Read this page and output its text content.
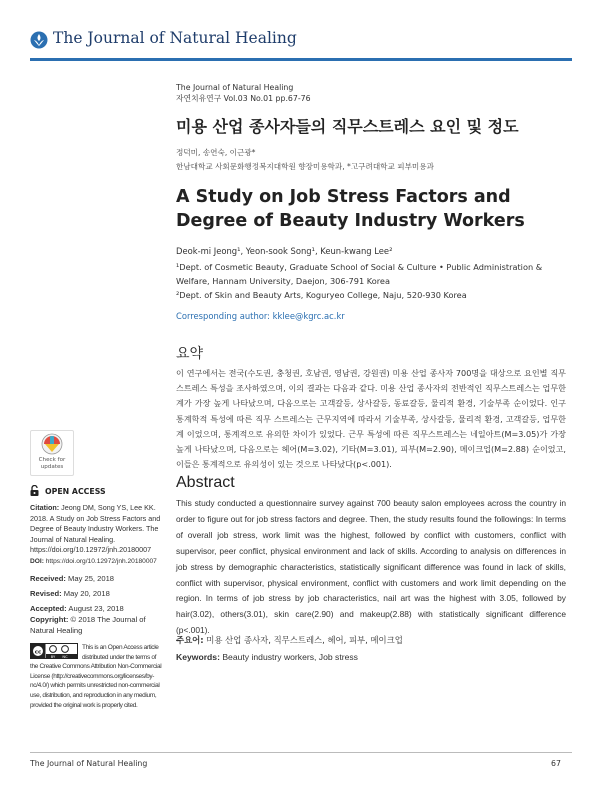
The Journal of Natural Healing
The Journal of Natural Healing
자연치유연구 Vol.03 No.01 pp.67-76
미용 산업 종사자들의 직무스트레스 요인 및 정도
정덕미, 송연숙, 이근광*
한남대학교 사회문화행정복지대학원 향장미용학과, *고구려대학교 피부미용과
A Study on Job Stress Factors and Degree of Beauty Industry Workers
Deok-mi Jeong¹, Yeon-sook Song¹, Keun-kwang Lee²
¹Dept. of Cosmetic Beauty, Graduate School of Social & Culture • Public Administration & Welfare, Hannam University, Daejon, 306-791 Korea
²Dept. of Skin and Beauty Arts, Koguryeo College, Naju, 520-930 Korea
Corresponding author: kklee@kgrc.ac.kr
요약
이 연구에서는 전국(수도권, 충청권, 호남권, 영남권, 강원권) 미용 산업 종사자 700명을 대상으로 요인별 직무스트레스 특성을 조사하였으며, 이의 결과는 다음과 같다. 미용 산업 종사자의 전반적인 직무스트레스는 업무한계가 가장 높게 나타났으며, 다음으로는 고객갈등, 상사갈등, 동료갈등, 물리적 환경, 기술부족 순이었다. 인구통계학적 특성에 따른 직무 스트레스는 근무지역에 따라서 기술부족, 상사갈등, 물리적 환경, 고객갈등, 업무한계 이었으며, 통계적으로 유의한 차이가 있었다. 근무 특성에 따른 직무스트레스는 네일아트(M=3.05)가 가장 높게 나타났으며, 다음으로는 헤어(M=3.02), 기타(M=3.01), 피부(M=2.90), 메이크업(M=2.88) 순이었고, 이들은 통계적으로 유의성이 있는 것으로 나타났다(p<.001).
Abstract
This study conducted a questionnaire survey against 700 beauty salon employees across the country in order to figure out for job stress factors and degree. Then, the study results found the followings: In terms of overall job stress, work limit was the highest, followed by conflict with customers, conflict with supervisor, peer conflict, physical environment and lack of skills. According to analysis on differences in job stress by demographic characteristics, statistically significant difference was found in lack of skills, conflict with supervisor, physical environment, conflict with customers and work limit depending on the region. In terms of job stress by job characteristics, nail art was the highest with 3.05, followed by hair(3.02), others(3.01), skin care(2.90) and makeup(2.88) with statistically significant difference (p<.001).
주요어: 미용 산업 종사자, 직무스트레스, 헤어, 피부, 메이크업
Keywords: Beauty industry workers, Job stress
Check for updates
OPEN ACCESS
Citation: Jeong DM, Song YS, Lee KK. 2018. A Study on Job Stress Factors and Degree of Beauty Industry Workers. The Journal of Natural Healing. https://doi.org/10.12972/jnh.20180007
DOI: https://doi.org/10.12972/jnh.20180007
Received: May 25, 2018
Revised: May 20, 2018
Accepted: August 23, 2018
Copyright: © 2018 The Journal of Natural Healing
cc
BY NC
This is an Open Access article distributed under the terms of
the Creative Commons Attribution Non-Commercial License (http://creativecommons.org/licenses/by-nc/4.0/) which permits unrestricted non-commercial use, distribution, and reproduction in any medium, provided the original work is properly cited.
The Journal of Natural Healing	67
